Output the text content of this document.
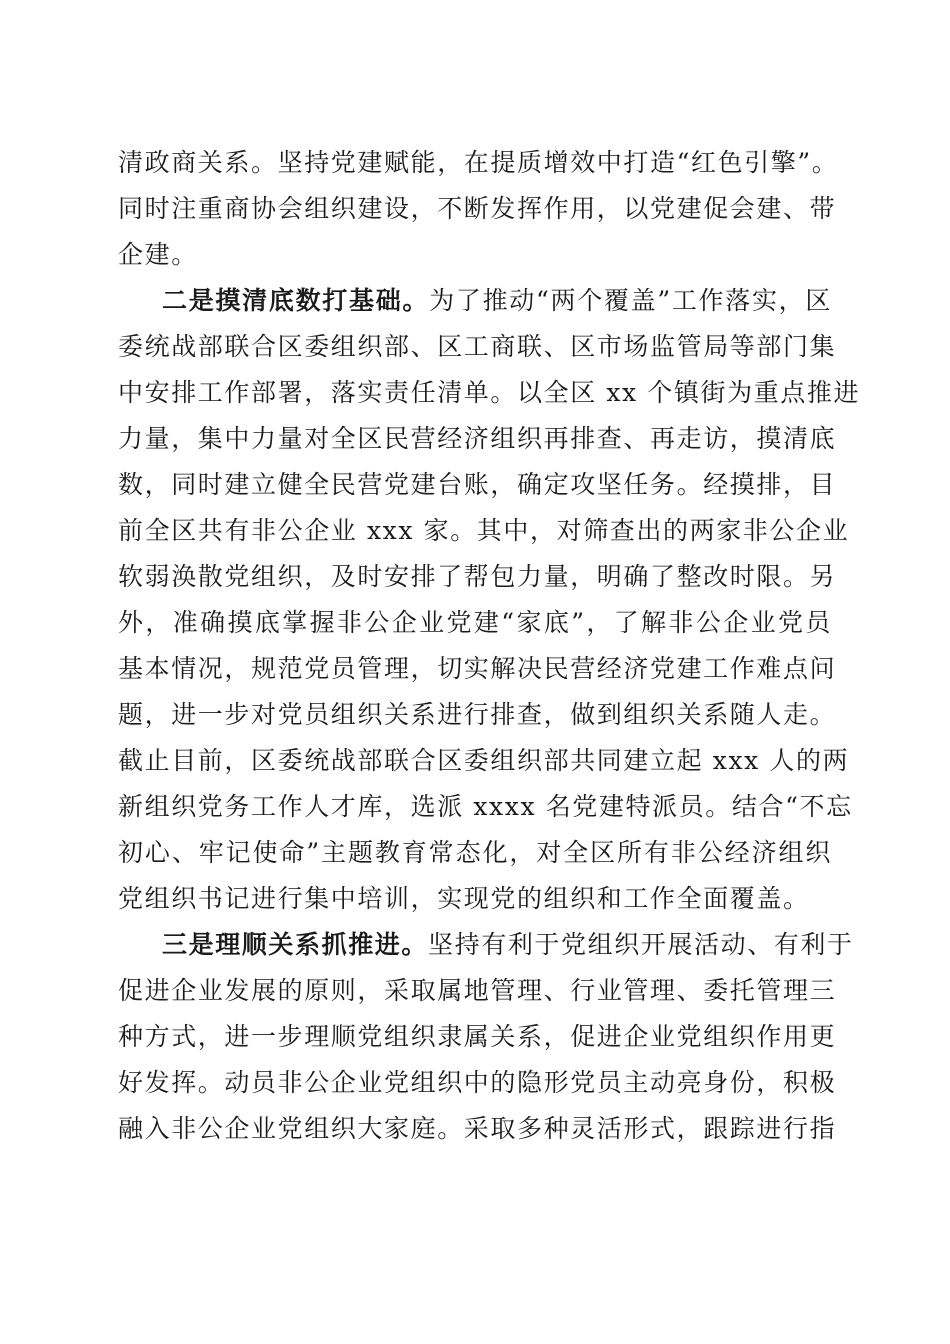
清政商关系。坚持党建赋能，在提质增效中打造“红色引擎”。
同时注重商协会组织建设，不断发挥作用，以党建促会建、带
企建。
二是摸清底数打基础。为了推动“两个覆盖”工作落实，区
委统战部联合区委组织部、区工商联、区市场监管局等部门集
中安排工作部署，落实责任清单。以全区 xx 个镇街为重点推进
力量，集中力量对全区民营经济组织再排查、再走访，摸清底
数，同时建立健全民营党建台账，确定攻坚任务。经摸排，目
前全区共有非公企业 xxx 家。其中，对筛查出的两家非公企业
软弱涣散党组织，及时安排了帮包力量，明确了整改时限。另
外，准确摸底掌握非公企业党建“家底”，了解非公企业党员
基本情况，规范党员管理，切实解决民营经济党建工作难点问
题，进一步对党员组织关系进行排查，做到组织关系随人走。
截止目前，区委统战部联合区委组织部共同建立起 xxx 人的两
新组织党务工作人才库，选派 xxxx 名党建特派员。结合“不忘
初心、牢记使命”主题教育常态化，对全区所有非公经济组织
党组织书记进行集中培训，实现党的组织和工作全面覆盖。
三是理顺关系抓推进。坚持有利于党组织开展活动、有利于
促进企业发展的原则，采取属地管理、行业管理、委托管理三
种方式，进一步理顺党组织隶属关系，促进企业党组织作用更
好发挥。动员非公企业党组织中的隐形党员主动亮身份，积极
融入非公企业党组织大家庭。采取多种灵活形式，跟踪进行指
